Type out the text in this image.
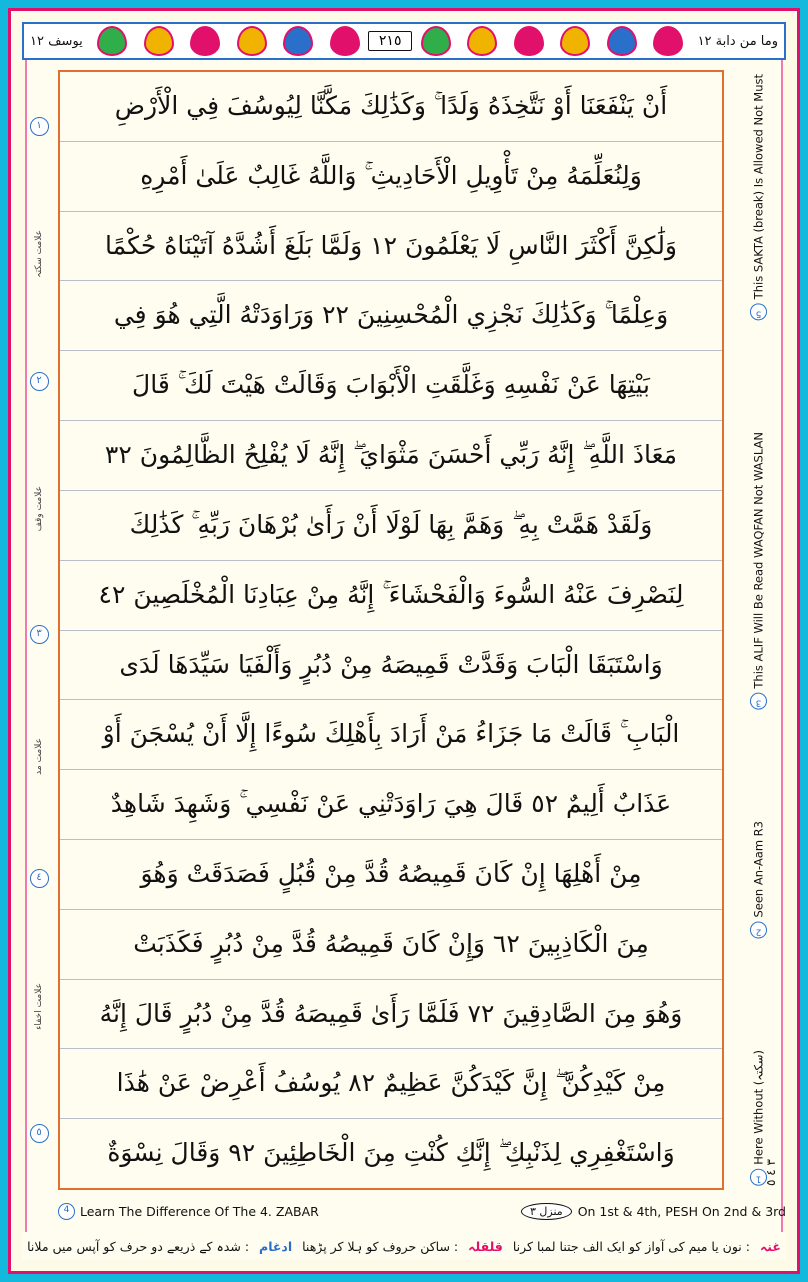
يوسف ١٢	٢١٥	وما من دابة ١٢
١
علامت سکتہ
٢
علامت وقف
٣
علامت مد
٤
علامت اخفاء
٥
أَنْ يَنْفَعَنَا أَوْ نَتَّخِذَهُ وَلَدًا ۚ وَكَذَٰلِكَ مَكَّنَّا لِيُوسُفَ فِي الْأَرْضِ
وَلِنُعَلِّمَهُ مِنْ تَأْوِيلِ الْأَحَادِيثِ ۚ وَاللَّهُ غَالِبٌ عَلَىٰ أَمْرِهِ
وَلَٰكِنَّ أَكْثَرَ النَّاسِ لَا يَعْلَمُونَ ٢١ وَلَمَّا بَلَغَ أَشُدَّهُ آتَيْنَاهُ حُكْمًا
وَعِلْمًا ۚ وَكَذَٰلِكَ نَجْزِي الْمُحْسِنِينَ ٢٢ وَرَاوَدَتْهُ الَّتِي هُوَ فِي
بَيْتِهَا عَنْ نَفْسِهِ وَغَلَّقَتِ الْأَبْوَابَ وَقَالَتْ هَيْتَ لَكَ ۚ قَالَ
مَعَاذَ اللَّهِ ۖ إِنَّهُ رَبِّي أَحْسَنَ مَثْوَايَ ۖ إِنَّهُ لَا يُفْلِحُ الظَّالِمُونَ ٢٣
وَلَقَدْ هَمَّتْ بِهِ ۖ وَهَمَّ بِهَا لَوْلَا أَنْ رَأَىٰ بُرْهَانَ رَبِّهِ ۚ كَذَٰلِكَ
لِنَصْرِفَ عَنْهُ السُّوءَ وَالْفَحْشَاءَ ۚ إِنَّهُ مِنْ عِبَادِنَا الْمُخْلَصِينَ ٢٤
وَاسْتَبَقَا الْبَابَ وَقَدَّتْ قَمِيصَهُ مِنْ دُبُرٍ وَأَلْفَيَا سَيِّدَهَا لَدَى
الْبَابِ ۚ قَالَتْ مَا جَزَاءُ مَنْ أَرَادَ بِأَهْلِكَ سُوءًا إِلَّا أَنْ يُسْجَنَ أَوْ
عَذَابٌ أَلِيمٌ ٢٥ قَالَ هِيَ رَاوَدَتْنِي عَنْ نَفْسِي ۚ وَشَهِدَ شَاهِدٌ
مِنْ أَهْلِهَا إِنْ كَانَ قَمِيصُهُ قُدَّ مِنْ قُبُلٍ فَصَدَقَتْ وَهُوَ
مِنَ الْكَاذِبِينَ ٢٦ وَإِنْ كَانَ قَمِيصُهُ قُدَّ مِنْ دُبُرٍ فَكَذَبَتْ
وَهُوَ مِنَ الصَّادِقِينَ ٢٧ فَلَمَّا رَأَىٰ قَمِيصَهُ قُدَّ مِنْ دُبُرٍ قَالَ إِنَّهُ
مِنْ كَيْدِكُنَّ ۖ إِنَّ كَيْدَكُنَّ عَظِيمٌ ٢٨ يُوسُفُ أَعْرِضْ عَنْ هَٰذَا
وَاسْتَغْفِرِي لِذَنْبِكِ ۖ إِنَّكِ كُنْتِ مِنَ الْخَاطِئِينَ ٢٩ وَقَالَ نِسْوَةٌ
1
Here Without (سکتہ)
2
Seen An-Aam R3
3
This ALIF Will Be Read WAQFAN Not WASLAN
5
This SAKTA (break) Is Allowed Not Must
٣ ٤ ٥
4 Learn The Difference Of The 4. ZABAR	منزل ٣	On 1st & 4th, PESH On 2nd & 3rd
غنہ
: نون یا میم کی آواز کو ایک الف جتنا لمبا کرنا
قلقلہ
: ساکن حروف کو ہلا کر پڑھنا
ادغام
: شدہ کے ذریعے دو حرف کو آپس میں ملانا
